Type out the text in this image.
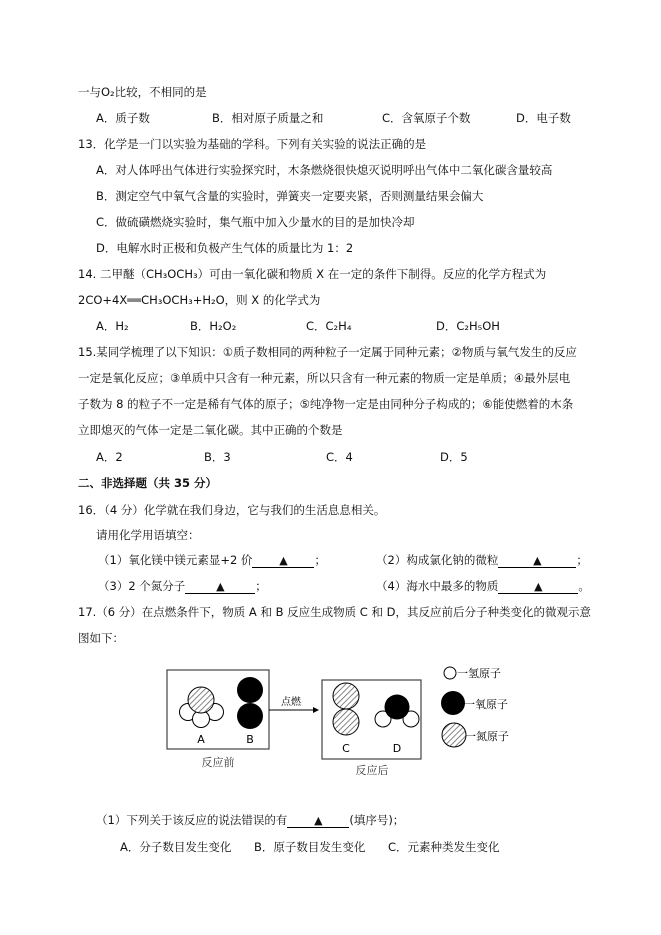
一与O₂比较，不相同的是
A．质子数	B．相对原子质量之和	C．含氧原子个数	D．电子数
13．化学是一门以实验为基础的学科。下列有关实验的说法正确的是
A．对人体呼出气体进行实验探究时，木条燃烧很快熄灭说明呼出气体中二氧化碳含量较高
B．测定空气中氧气含量的实验时，弹簧夹一定要夹紧，否则测量结果会偏大
C．做硫磺燃烧实验时，集气瓶中加入少量水的目的是加快冷却
D．电解水时正极和负极产生气体的质量比为 1：2
14. 二甲醚（CH₃OCH₃）可由一氧化碳和物质 X 在一定的条件下制得。反应的化学方程式为
2CO+4X══CH₃OCH₃+H₂O，则 X 的化学式为
A．H₂	B．H₂O₂	C．C₂H₄	D．C₂H₅OH
15.某同学梳理了以下知识：①质子数相同的两种粒子一定属于同种元素；②物质与氧气发生的反应
一定是氧化反应；③单质中只含有一种元素，所以只含有一种元素的物质一定是单质；④最外层电
子数为 8 的粒子不一定是稀有气体的原子；⑤纯净物一定是由同种分子构成的；⑥能使燃着的木条
立即熄灭的气体一定是二氧化碳。其中正确的个数是
A．2	B．3	C．4	D．5
二、非选择题（共 35 分）
16．（4 分）化学就在我们身边，它与我们的生活息息相关。
请用化学用语填空：
（1）氧化镁中镁元素显+2 价 ▲ ；	（2）构成氯化钠的微粒	▲	；
（3）2 个氮分子	▲	；	（4）海水中最多的物质	▲	。
17.（6 分）在点燃条件下，物质 A 和 B 反应生成物质 C 和 D，其反应前后分子种类变化的微观示意
图如下：
A	B
点燃
C	D
反应前
反应后
一氢原子
一氧原子
一氮原子
（1）下列关于该反应的说法错误的有 ▲ (填序号)；
A．分子数目发生变化 B．原子数目发生变化 C．元素种类发生变化
